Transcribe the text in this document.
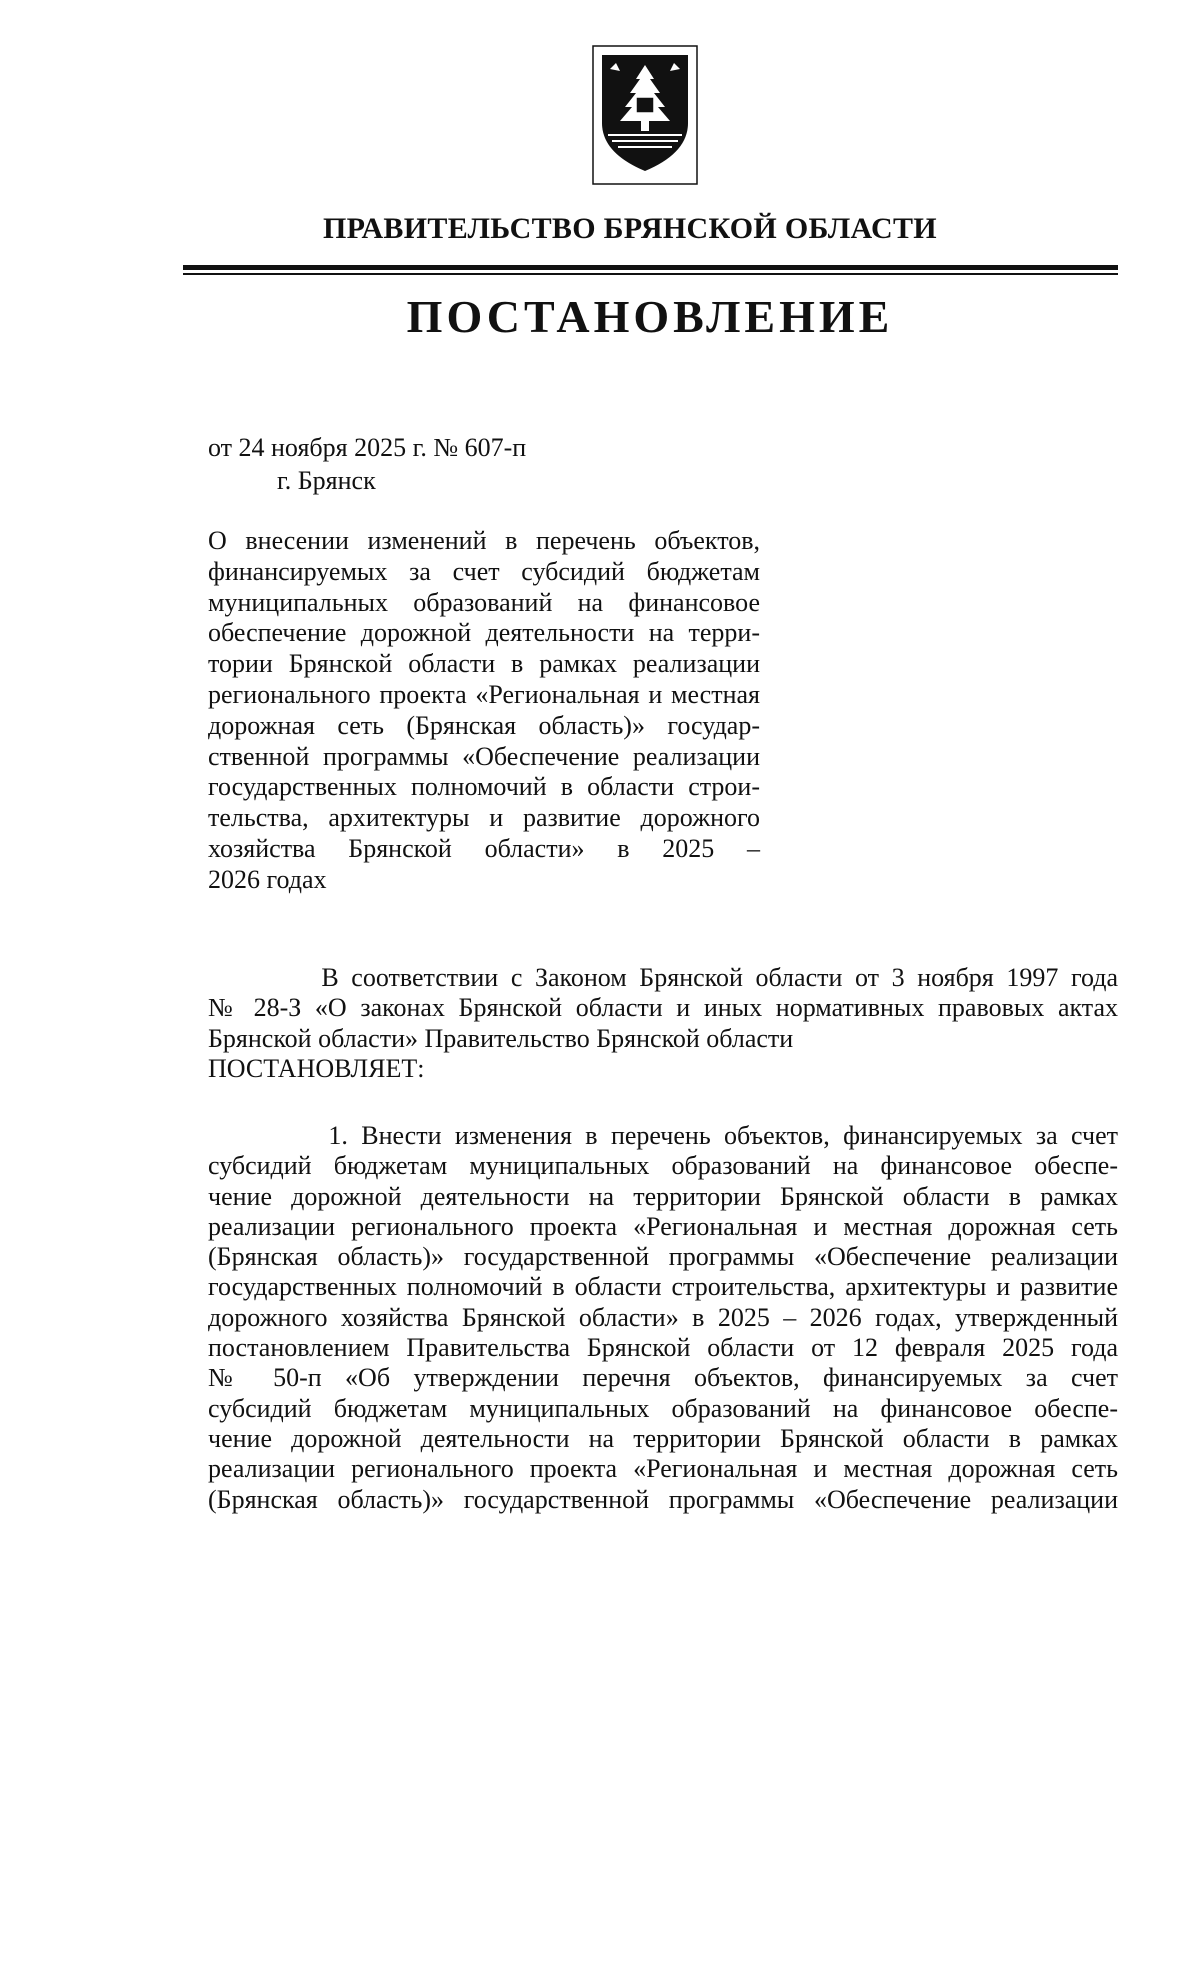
ПРАВИТЕЛЬСТВО БРЯНСКОЙ ОБЛАСТИ
ПОСТАНОВЛЕНИЕ
от 24 ноября 2025 г. № 607-п
г. Брянск
О внесении изменений в перечень объектов,
финансируемых за счет субсидий бюджетам
муниципальных образований на финансовое
обеспечение дорожной деятельности на терри-
тории Брянской области в рамках реализации
регионального проекта «Региональная и местная
дорожная сеть (Брянская область)» государ-
ственной программы «Обеспечение реализации
государственных полномочий в области строи-
тельства, архитектуры и развитие дорожного
хозяйства Брянской области» в 2025 –
2026 годах
В соответствии с Законом Брянской области от 3 ноября 1997 года
№ 28-З «О законах Брянской области и иных нормативных правовых актах
Брянской области» Правительство Брянской области
ПОСТАНОВЛЯЕТ:
1. Внести изменения в перечень объектов, финансируемых за счет
субсидий бюджетам муниципальных образований на финансовое обеспе-
чение дорожной деятельности на территории Брянской области в рамках
реализации регионального проекта «Региональная и местная дорожная сеть
(Брянская область)» государственной программы «Обеспечение реализации
государственных полномочий в области строительства, архитектуры и развитие
дорожного хозяйства Брянской области» в 2025 – 2026 годах, утвержденный
постановлением Правительства Брянской области от 12 февраля 2025 года
№ 50-п «Об утверждении перечня объектов, финансируемых за счет
субсидий бюджетам муниципальных образований на финансовое обеспе-
чение дорожной деятельности на территории Брянской области в рамках
реализации регионального проекта «Региональная и местная дорожная сеть
(Брянская область)» государственной программы «Обеспечение реализации
